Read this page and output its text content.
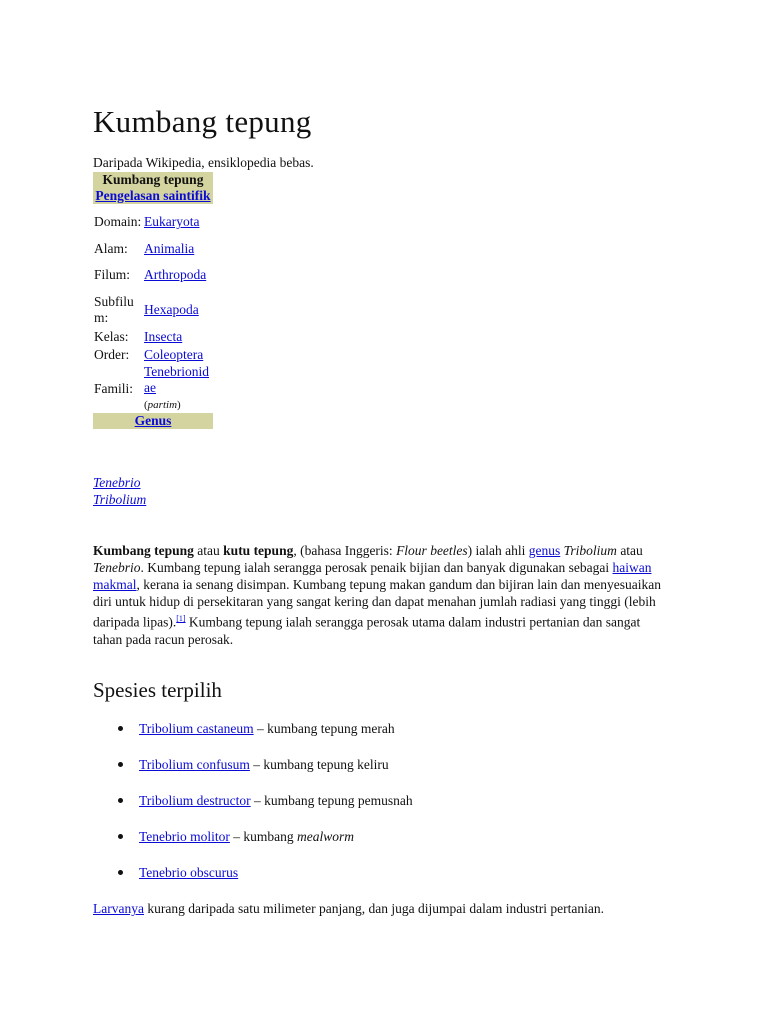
Kumbang tepung
Daripada Wikipedia, ensiklopedia bebas.
Kumbang tepung	
Pengelasan saintifik	
Domain:	Eukaryota
Alam:	Animalia
Filum:	Arthropoda
Subfilum:	Hexapoda
Kelas:	Insecta
Order:	Coleoptera
Famili:	Tenebrionidae
(partim)
Genus	
Tenebrio
Tribolium

Kumbang tepung atau kutu tepung, (bahasa Inggeris: Flour beetles) ialah ahli genus Tribolium atau Tenebrio. Kumbang tepung ialah serangga perosak penaik bijian dan banyak digunakan sebagai haiwan makmal, kerana ia senang disimpan. Kumbang tepung makan gandum dan bijiran lain dan menyesuaikan diri untuk hidup di persekitaran yang sangat kering dan dapat menahan jumlah radiasi yang tinggi (lebih daripada lipas).[1] Kumbang tepung ialah serangga perosak utama dalam industri pertanian dan sangat tahan pada racun perosak.

Spesies terpilih
Tribolium castaneum – kumbang tepung merah
Tribolium confusum – kumbang tepung keliru
Tribolium destructor – kumbang tepung pemusnah
Tenebrio molitor – kumbang mealworm
Tenebrio obscurus

Larvanya kurang daripada satu milimeter panjang, dan juga dijumpai dalam industri pertanian.
